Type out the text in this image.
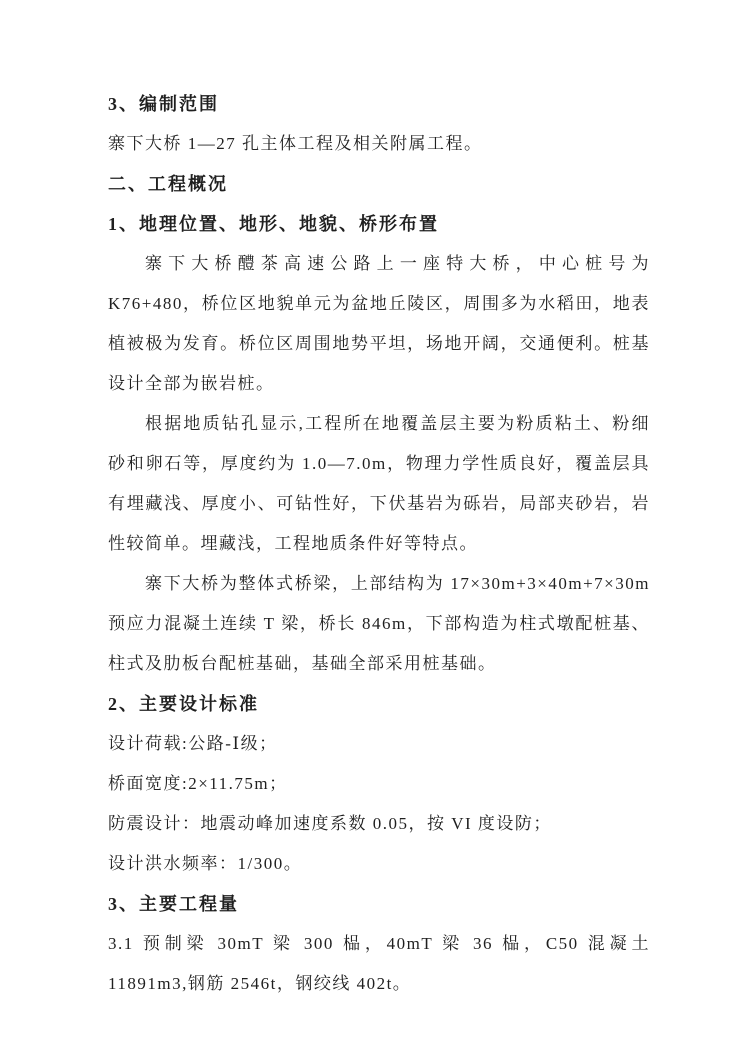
3、编制范围
寨下大桥 1—27 孔主体工程及相关附属工程。
二、工程概况
1、地理位置、地形、地貌、桥形布置
寨下大桥醴茶高速公路上一座特大桥，中心桩号为 K76+480，桥位区地貌单元为盆地丘陵区，周围多为水稻田，地表植被极为发育。桥位区周围地势平坦，场地开阔，交通便利。桩基设计全部为嵌岩桩。
根据地质钻孔显示,工程所在地覆盖层主要为粉质粘土、粉细砂和卵石等，厚度约为 1.0—7.0m，物理力学性质良好，覆盖层具有埋藏浅、厚度小、可钻性好，下伏基岩为砾岩，局部夹砂岩，岩性较简单。埋藏浅，工程地质条件好等特点。
寨下大桥为整体式桥梁，上部结构为 17×30m+3×40m+7×30m 预应力混凝土连续 T 梁，桥长 846m，下部构造为柱式墩配桩基、柱式及肋板台配桩基础，基础全部采用桩基础。
2、主要设计标准
设计荷载:公路-Ⅰ级；
桥面宽度:2×11.75m；
防震设计：地震动峰加速度系数 0.05，按 VI 度设防；
设计洪水频率：1/300。
3、主要工程量
3.1 预制梁 30mT 梁 300 榀，40mT 梁 36 榀，C50 混凝土 11891m3,钢筋 2546t，钢绞线 402t。
